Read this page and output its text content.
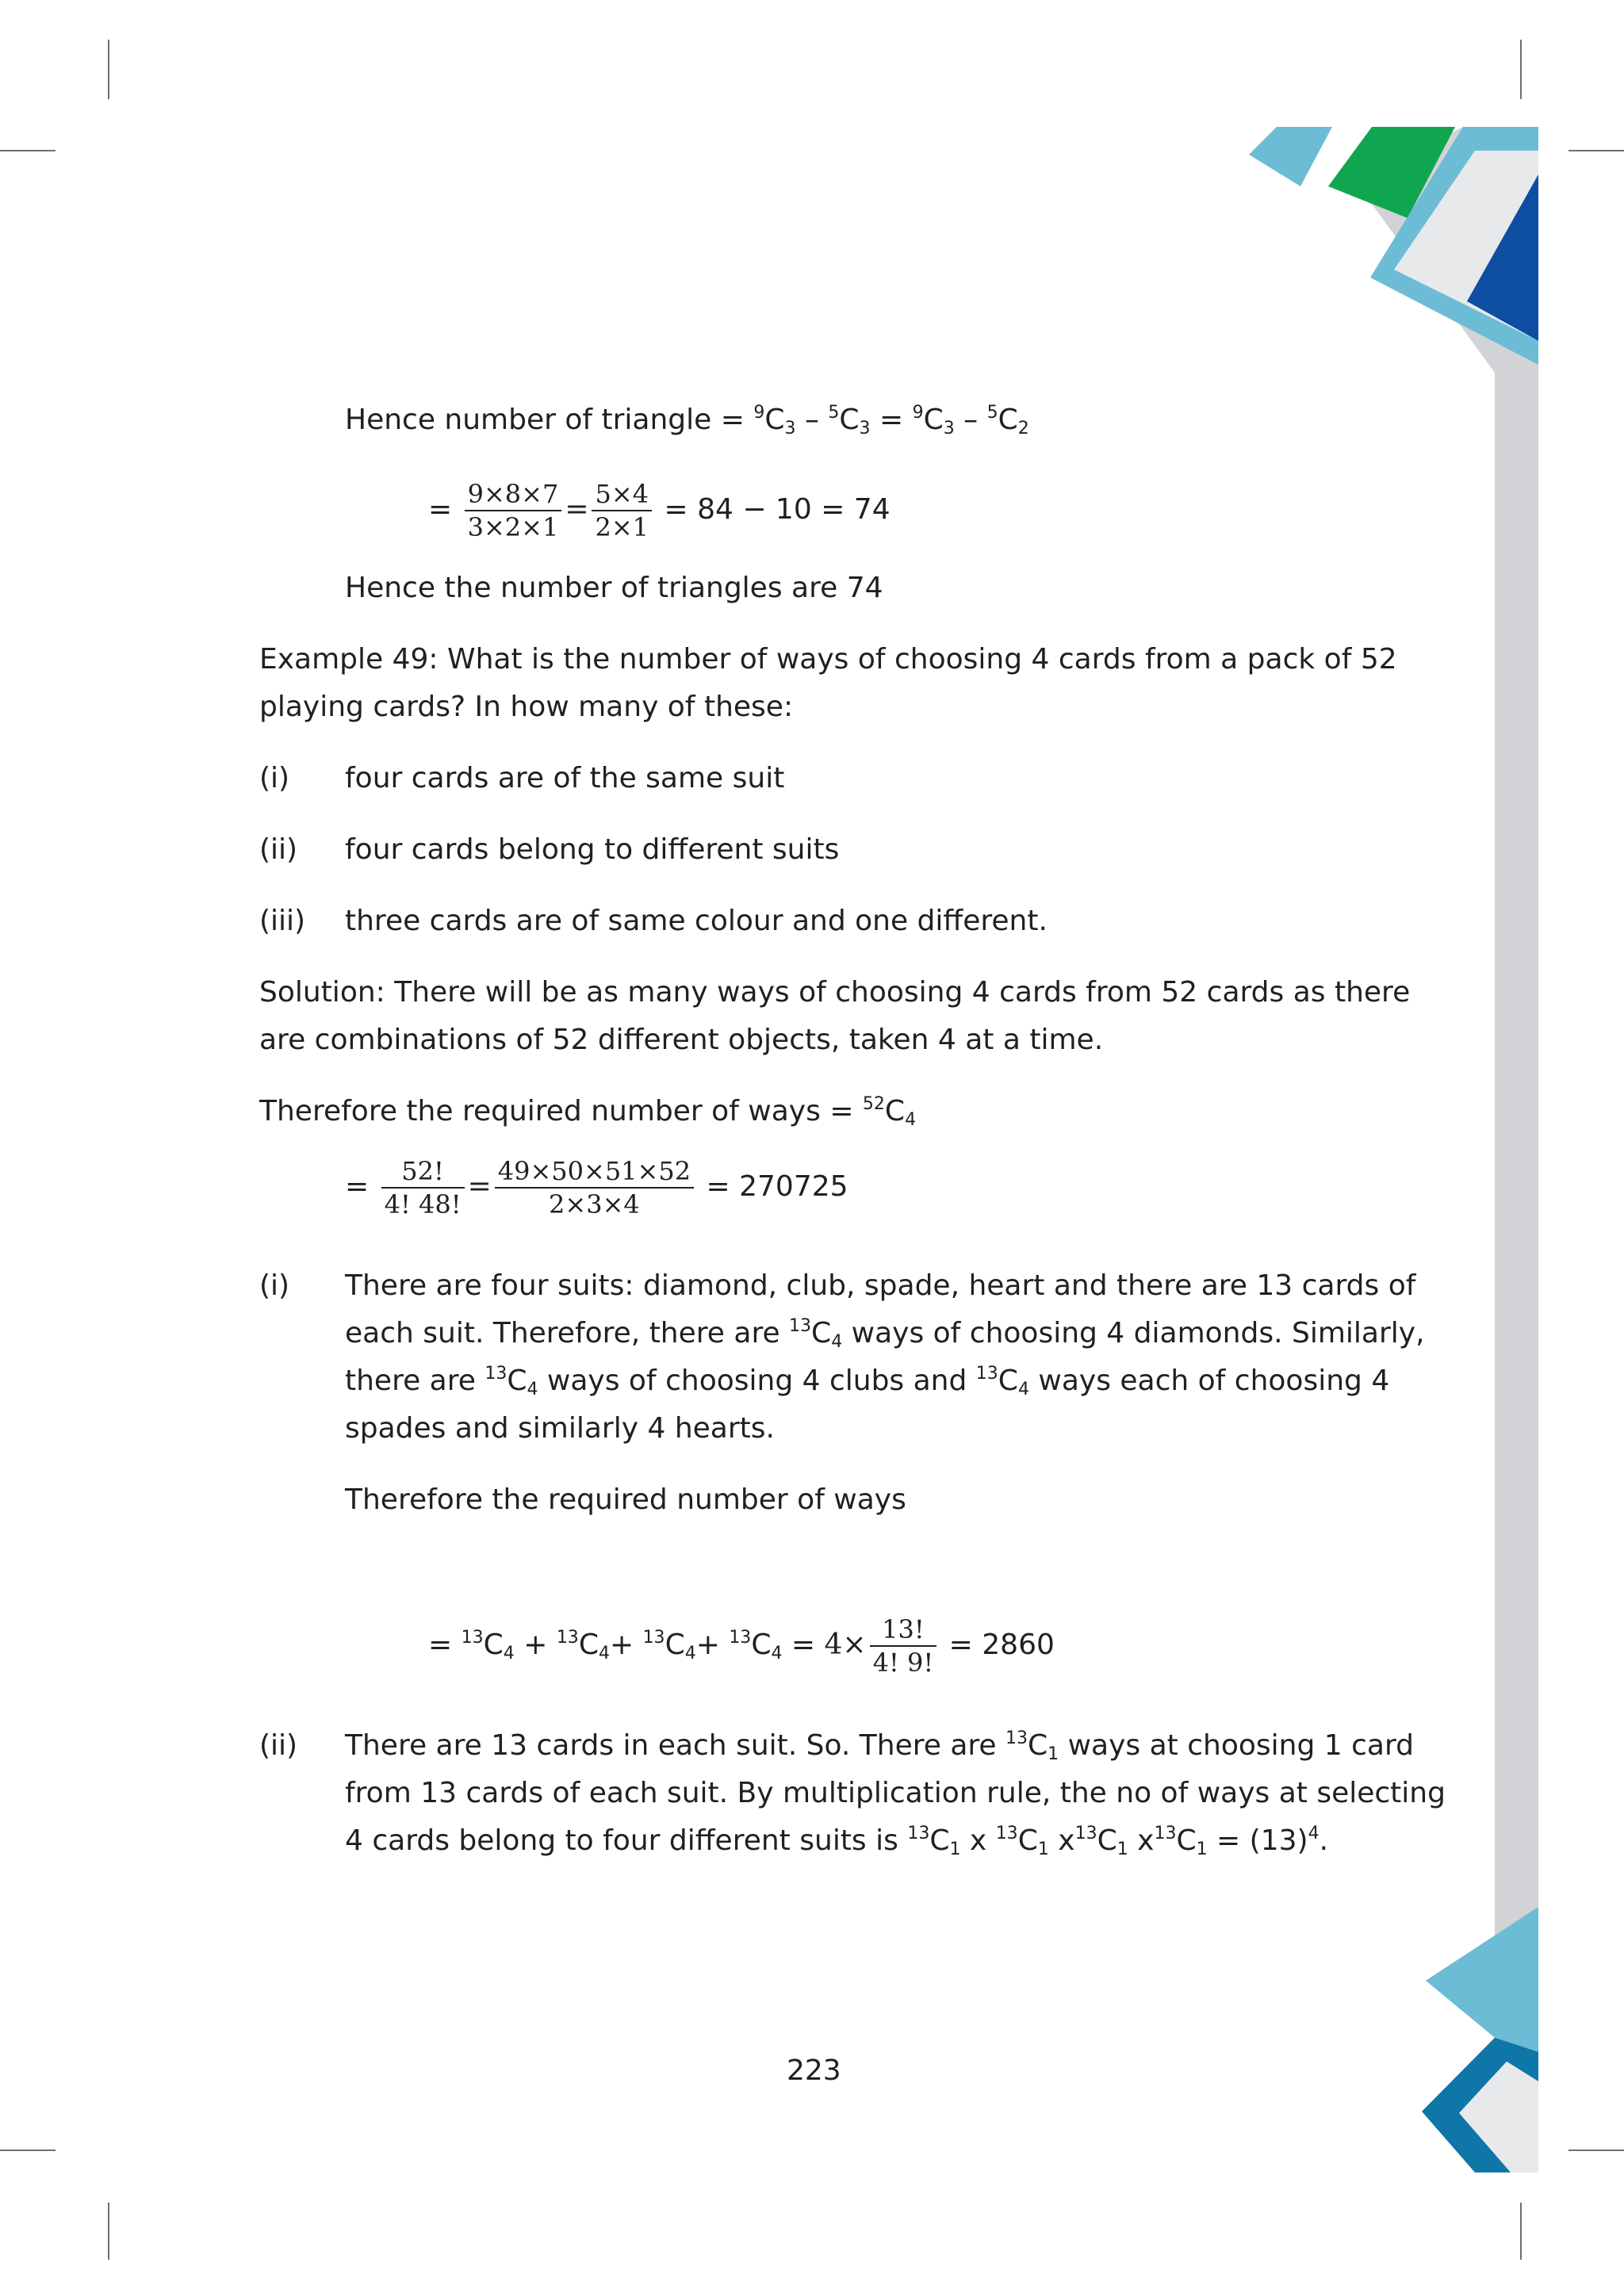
Hence number of triangle = $^9C_3 - ^5C_3 = ^9C_3 - ^5C_2$
= $\frac{9\times 8\times 7}{3\times 2\times 1} = \frac{5\times 4}{2\times 1} = 84 - 10 = 74$
Hence the number of triangles are 74
Example 49: What is the number of ways of choosing 4 cards from a pack of 52
playing cards? In how many of these:
(i) four cards are of the same suit
(ii) four cards belong to different suits
(iii) three cards are of same colour and one different.
Solution: There will be as many ways of choosing 4 cards from 52 cards as there
are combinations of 52 different objects, taken 4 at a time.
Therefore the required number of ways = $^{52}C_4$
= $\frac{52!}{4! 48!} = \frac{49\times 50\times 51\times 52}{2\times 3\times 4} = 270725$
(i) There are four suits: diamond, club, spade, heart and there are 13 cards of
each suit. Therefore, there are $^{13}C_4$ ways of choosing 4 diamonds. Similarly,
there are $^{13}C_4$ ways of choosing 4 clubs and $^{13}C_4$ ways each of choosing 4
spades and similarly 4 hearts.
Therefore the required number of ways
= $^{13}C_4 + ^{13}C_4+ ^{13}C_4+ ^{13}C_4 = 4\times \frac{13!}{4! 9!} = 2860$
(ii) There are 13 cards in each suit. So. There are $^{13}C_1$ ways at choosing 1 card
from 13 cards of each suit. By multiplication rule, the no of ways at selecting
4 cards belong to four different suits is $^{13}C_1$ x $^{13}C_1$ $x^{13}C_1$ $x^{13}C_1 = (13)^4$.
223
